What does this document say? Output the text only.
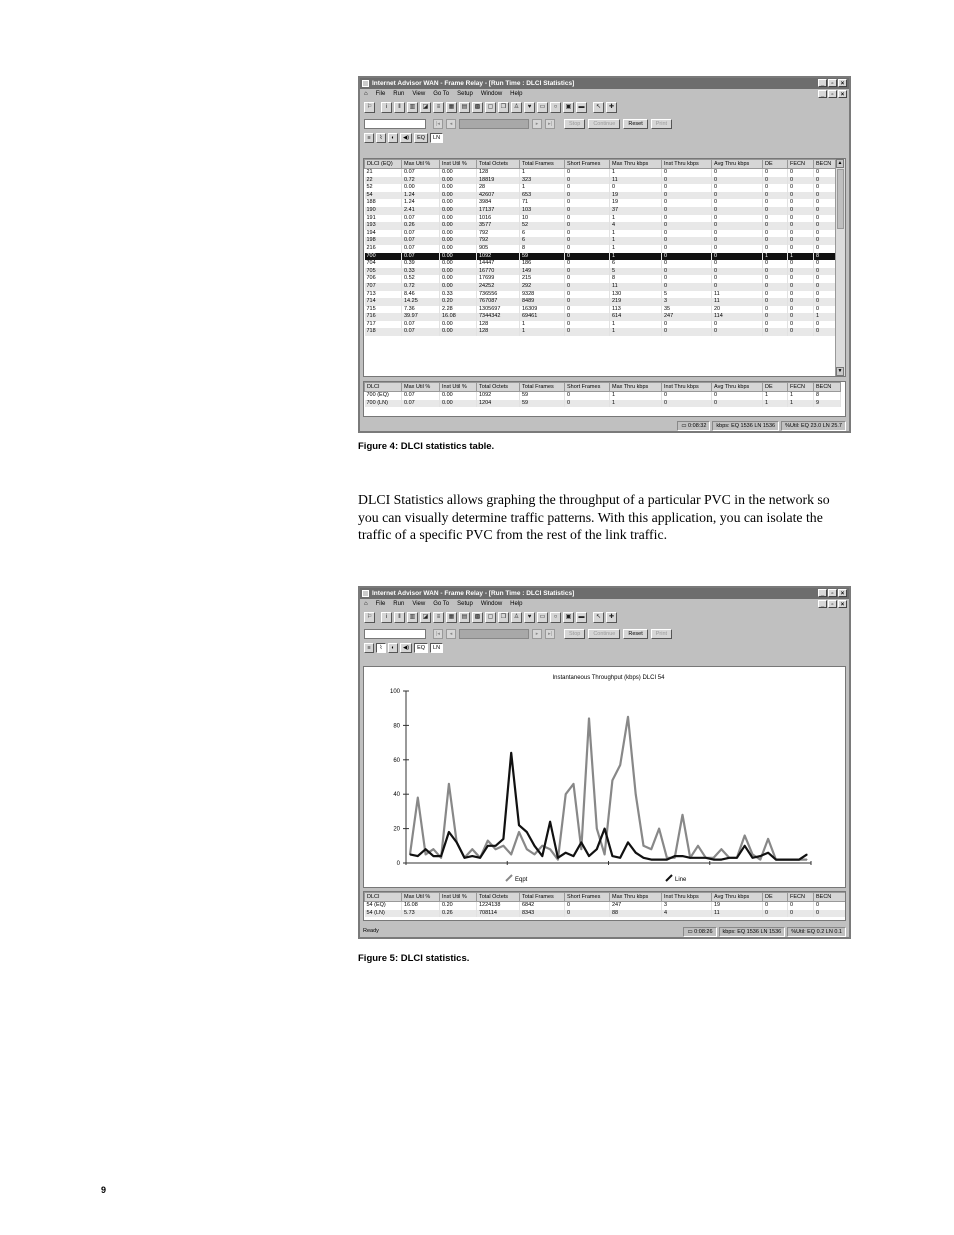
Internet Advisor WAN - Frame Relay - [Run Time : DLCI Statistics]	_	▫	×
⌂ File Run View Go To Setup Window Help	_	▫	×
⚐	i	‖	▥	◪	≡	▦	▤	▩	▢	❐	♙	♥	▭	○	▣	▬	↖	✚
|◂	◂	▸	▸|	Stop	Continue	Reset	Print
≡	⌇	◐	◀)	EQ	LN
DLCI (EQ)	Max Util %	Inst Util %	Total Octets	Total Frames	Short Frames	Max Thru kbps	Inst Thru kbps	Avg Thru kbps	DE	FECN	BECN
21	0.07	0.00	128	1	0	1	0	0	0	0	0
22	0.72	0.00	18819	323	0	11	0	0	0	0	0
52	0.00	0.00	28	1	0	0	0	0	0	0	0
54	1.24	0.00	42607	653	0	19	0	0	0	0	0
188	1.24	0.00	3984	71	0	19	0	0	0	0	0
190	2.41	0.00	17137	103	0	37	0	0	0	0	0
191	0.07	0.00	1016	10	0	1	0	0	0	0	0
193	0.26	0.00	3577	52	0	4	0	0	0	0	0
194	0.07	0.00	792	6	0	1	0	0	0	0	0
198	0.07	0.00	792	6	0	1	0	0	0	0	0
216	0.07	0.00	905	8	0	1	0	0	0	0	0
700	0.07	0.00	1092	59	0	1	0	0	1	1	8
704	0.39	0.00	14447	186	0	6	0	0	0	0	0
705	0.33	0.00	16770	149	0	5	0	0	0	0	0
706	0.52	0.00	17699	215	0	8	0	0	0	0	0
707	0.72	0.00	24252	292	0	11	0	0	0	0	0
713	8.46	0.33	736556	9328	0	130	5	11	0	0	0
714	14.25	0.20	767087	8489	0	219	3	11	0	0	0
715	7.36	2.28	1305697	16309	0	113	35	20	0	0	0
716	39.97	16.08	7344342	69461	0	614	247	114	0	0	1
717	0.07	0.00	128	1	0	1	0	0	0	0	0
718	0.07	0.00	128	1	0	1	0	0	0	0	0
▲
▼
DLCI	Max Util %	Inst Util %	Total Octets	Total Frames	Short Frames	Max Thru kbps	Inst Thru kbps	Avg Thru kbps	DE	FECN	BECN
700 (EQ)	0.07	0.00	1092	59	0	1	0	0	1	1	8
700 (LN)	0.07	0.00	1204	59	0	1	0	0	1	1	9
▭ 0:08:32	kbps: EQ 1536 LN 1536	%Util: EQ 23.0 LN 25.7
Figure 4: DLCI statistics table.
DLCI Statistics allows graphing the throughput of a particular PVC in the network so you can visually determine traffic patterns. With this application, you can isolate the traffic of a specific PVC from the rest of the link traffic.
Internet Advisor WAN - Frame Relay - [Run Time : DLCI Statistics]	_	▫	×
⌂ File Run View Go To Setup Window Help	_	▫	×
⚐	i	‖	▥	◪	≡	▦	▤	▩	▢	❐	♙	♥	▭	○	▣	▬	↖	✚
|◂	◂	▸	▸|	Stop	Continue	Reset	Print
≡	⌇	◐	◀)	EQ	LN
Instantaneous Throughput (kbps) DLCI 54
0
20
40
60
80
100
Eqpt	Line
DLCI	Max Util %	Inst Util %	Total Octets	Total Frames	Short Frames	Max Thru kbps	Inst Thru kbps	Avg Thru kbps	DE	FECN	BECN
54 (EQ)	16.08	0.20	1224138	6842	0	247	3	19	0	0	0
54 (LN)	5.73	0.26	708114	8343	0	88	4	11	0	0	0
Ready	▭ 0:08:26	kbps: EQ 1536 LN 1536	%Util: EQ 0.2 LN 0.1
Figure 5: DLCI statistics.
9
